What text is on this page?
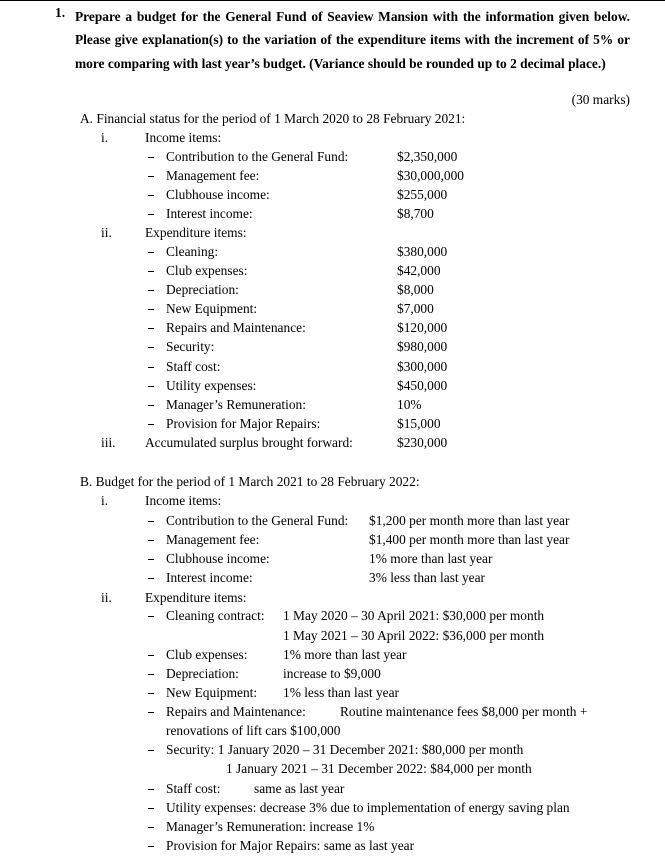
1. Prepare a budget for the General Fund of Seaview Mansion with the information given below. Please give explanation(s) to the variation of the expenditure items with the increment of 5% or more comparing with last year’s budget. (Variance should be rounded up to 2 decimal place.)
(30 marks)
A. Financial status for the period of 1 March 2020 to 28 February 2021:
i.	Income items:
Contribution to the General Fund:	$2,350,000
Management fee:	$30,000,000
Clubhouse income:	$255,000
Interest income:	$8,700
ii. Expenditure items:
Cleaning:	$380,000
Club expenses:	$42,000
Depreciation:	$8,000
New Equipment:	$7,000
Repairs and Maintenance:	$120,000
Security:	$980,000
Staff cost:	$300,000
Utility expenses:	$450,000
Manager’s Remuneration:	10%
Provision for Major Repairs:	$15,000
iii. Accumulated surplus brought forward:	$230,000
B. Budget for the period of 1 March 2021 to 28 February 2022:
i.	Income items:
Contribution to the General Fund: $1,200 per month more than last year
Management fee:	$1,400 per month more than last year
Clubhouse income:	1% more than last year
Interest income:	3% less than last year
ii. Expenditure items:
Cleaning contract: 1 May 2020 – 30 April 2021: $30,000 per month
1 May 2021 – 30 April 2022: $36,000 per month
Club expenses:	1% more than last year
Depreciation:	increase to $9,000
New Equipment: 1% less than last year
Repairs and Maintenance:	Routine maintenance fees $8,000 per month +
renovations of lift cars $100,000
Security: 1 January 2020 – 31 December 2021: $80,000 per month
1 January 2021 – 31 December 2022: $84,000 per month
Staff cost:	same as last year
Utility expenses: decrease 3% due to implementation of energy saving plan
Manager’s Remuneration: increase 1%
Provision for Major Repairs: same as last year
